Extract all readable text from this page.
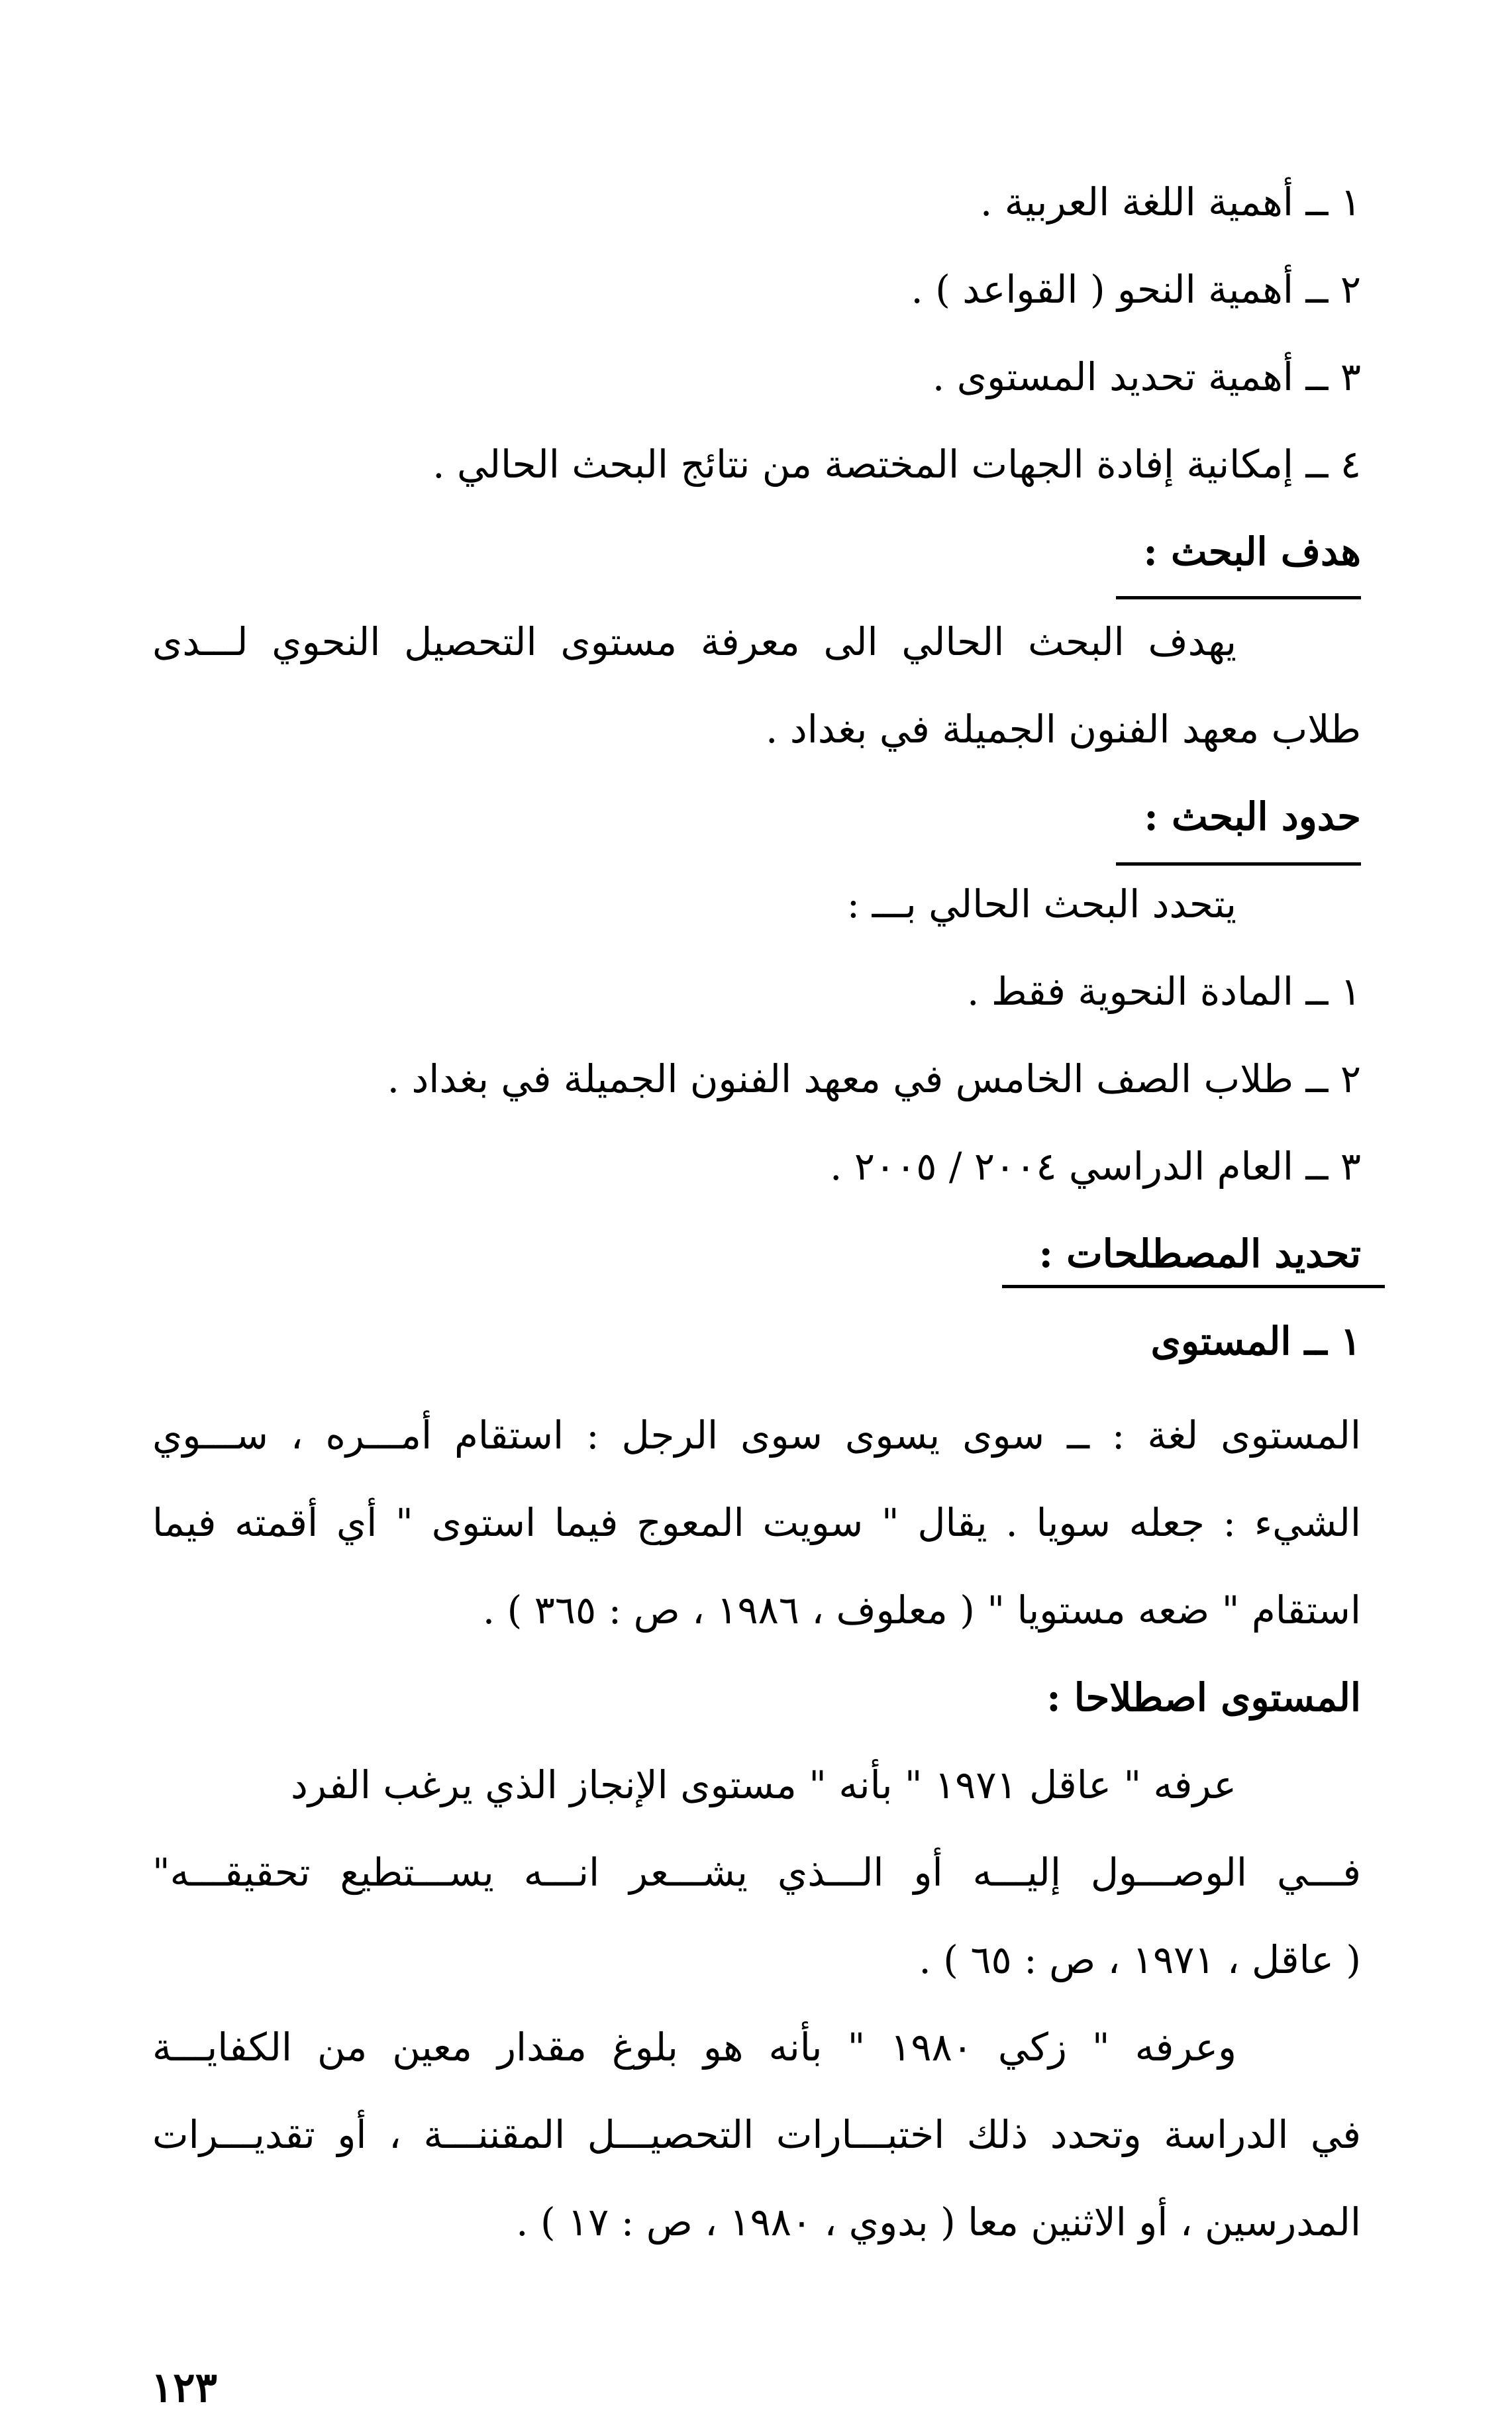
١ ــ أهمية اللغة العربية .
٢ ــ أهمية النحو ( القواعد ) .
٣ ــ أهمية تحديد المستوى .
٤ ــ إمكانية إفادة الجهات المختصة من نتائج البحث الحالي .
هدف البحث :
يهدف البحث الحالي الى معرفة مستوى التحصيل النحوي لـــدى
طلاب معهد الفنون الجميلة في بغداد .
حدود البحث :
يتحدد البحث الحالي بـــ :
١ ــ المادة النحوية فقط .
٢ ــ طلاب الصف الخامس في معهد الفنون الجميلة في بغداد .
٣ ــ العام الدراسي ٢٠٠٤ / ٢٠٠٥ .
تحديد المصطلحات :
١ ــ المستوى
المستوى لغة : ــ سوى يسوى سوى الرجل : استقام أمـــره ، ســـوي
الشيء : جعله سويا . يقال " سويت المعوج فيما استوى " أي أقمته فيما
استقام " ضعه مستويا " ( معلوف ، ١٩٨٦ ، ص : ٣٦٥ ) .
المستوى اصطلاحا :
عرفه " عاقل ١٩٧١ " بأنه " مستوى الإنجاز الذي يرغب الفرد
فـــي الوصـــول إليـــه أو الـــذي يشـــعر انـــه يســـتطيع تحقيقـــه"
( عاقل ، ١٩٧١ ، ص : ٦٥ ) .
وعرفه " زكي ١٩٨٠ " بأنه هو بلوغ مقدار معين من الكفايـــة
في الدراسة وتحدد ذلك اختبـــارات التحصيـــل المقننـــة ، أو تقديـــرات
المدرسين ، أو الاثنين معا ( بدوي ، ١٩٨٠ ، ص : ١٧ ) .
١٢٣
